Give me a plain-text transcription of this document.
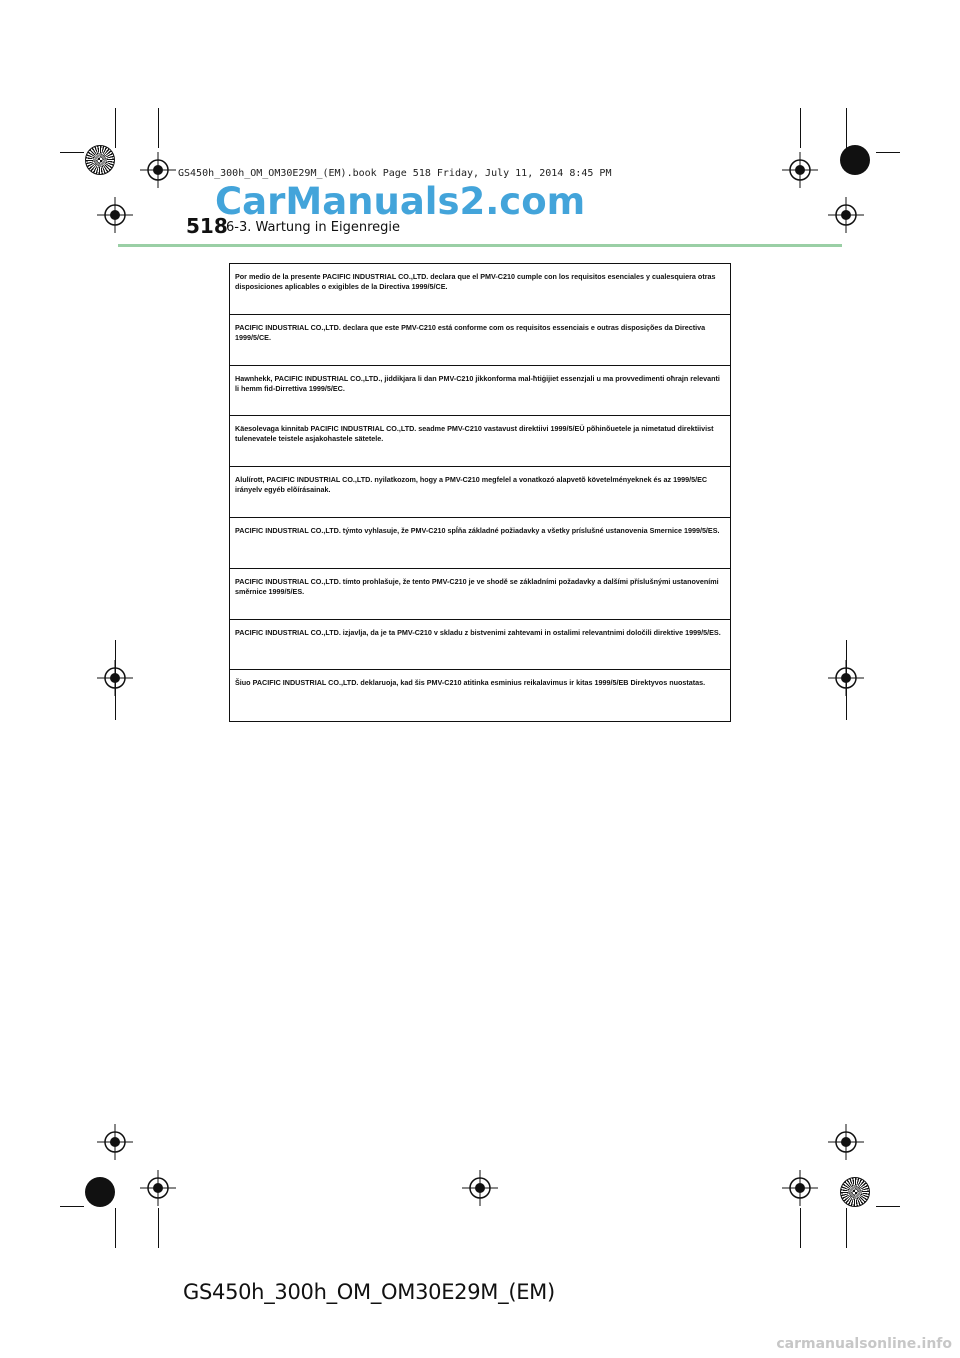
GS450h_300h_OM_OM30E29M_(EM).book Page 518 Friday, July 11, 2014 8:45 PM
CarManuals2.com
518
6-3. Wartung in Eigenregie
Por medio de la presente PACIFIC INDUSTRIAL CO.,LTD. declara que el PMV-C210 cumple con los requisitos esenciales y cualesquiera otras disposiciones aplicables o exigibles de la Directiva 1999/5/CE.
PACIFIC INDUSTRIAL CO.,LTD. declara que este PMV-C210 está conforme com os requisitos essenciais e outras disposições da Directiva 1999/5/CE.
Hawnhekk, PACIFIC INDUSTRIAL CO.,LTD., jiddikjara li dan PMV-C210 jikkonforma mal-ħtiġijiet essenzjali u ma provvedimenti oħrajn relevanti li hemm fid-Dirrettiva 1999/5/EC.
Käesolevaga kinnitab PACIFIC INDUSTRIAL CO.,LTD. seadme PMV-C210 vastavust direktiivi 1999/5/EÜ põhinõuetele ja nimetatud direktiivist tulenevatele teistele asjakohastele sätetele.
Alulírott, PACIFIC INDUSTRIAL CO.,LTD. nyilatkozom, hogy a PMV-C210 megfelel a vonatkozó alapvetõ követelményeknek és az 1999/5/EC irányelv egyéb elõírásainak.
PACIFIC INDUSTRIAL CO.,LTD. týmto vyhlasuje, že PMV-C210 spĺňa základné požiadavky a všetky príslušné ustanovenia Smernice 1999/5/ES.
PACIFIC INDUSTRIAL CO.,LTD. tímto prohlašuje, že tento PMV-C210 je ve shodě se základními požadavky a dalšími příslušnými ustanoveními směrnice 1999/5/ES.
PACIFIC INDUSTRIAL CO.,LTD. izjavlja, da je ta PMV-C210 v skladu z bistvenimi zahtevami in ostalimi relevantnimi določili direktive 1999/5/ES.
Šiuo PACIFIC INDUSTRIAL CO.,LTD. deklaruoja, kad šis PMV-C210 atitinka esminius reikalavimus ir kitas 1999/5/EB Direktyvos nuostatas.
GS450h_300h_OM_OM30E29M_(EM)
carmanualsonline.info
